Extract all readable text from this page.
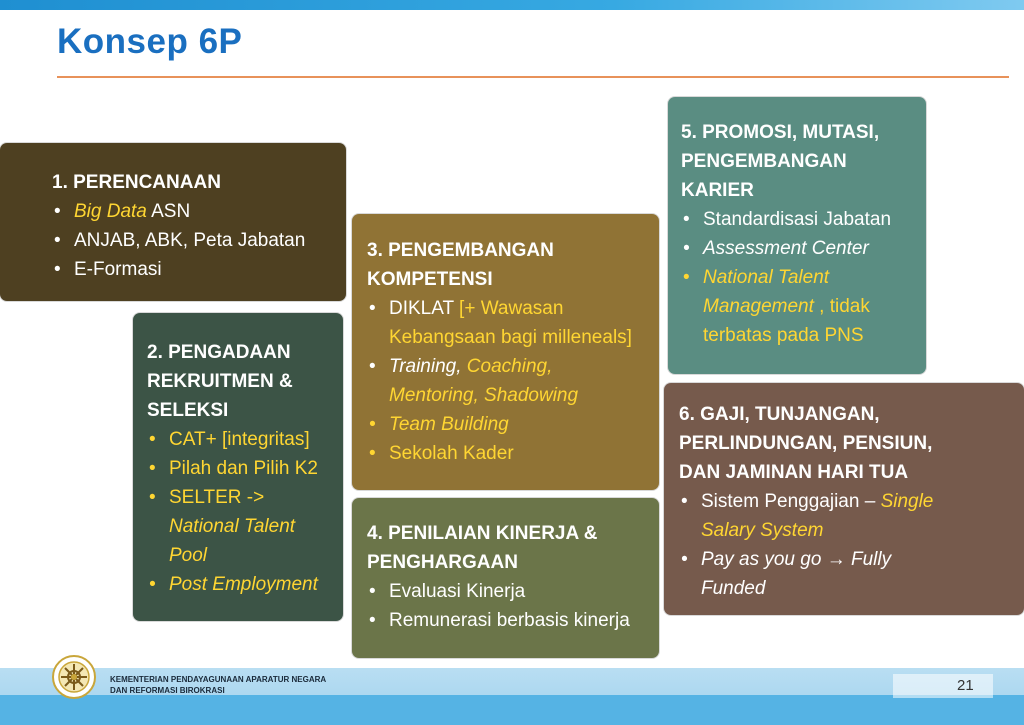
Konsep 6P
1. PERENCANAAN
• Big Data ASN
• ANJAB, ABK, Peta Jabatan
• E-Formasi
2. PENGADAAN
REKRUITMEN &
SELEKSI
• CAT+ [integritas]
• Pilah dan Pilih K2
• SELTER ->
National Talent
Pool
• Post Employment
3. PENGEMBANGAN
KOMPETENSI
• DIKLAT [+ Wawasan
Kebangsaan bagi milleneals]
• Training, Coaching,
Mentoring, Shadowing
• Team Building
• Sekolah Kader
4. PENILAIAN KINERJA &
PENGHARGAAN
• Evaluasi Kinerja
• Remunerasi berbasis kinerja
5. PROMOSI, MUTASI,
PENGEMBANGAN
KARIER
• Standardisasi Jabatan
• Assessment Center
• National Talent
Management , tidak
terbatas pada PNS
6. GAJI, TUNJANGAN,
PERLINDUNGAN, PENSIUN,
DAN JAMINAN HARI TUA
• Sistem Penggajian – Single
Salary System
• Pay as you go → Fully
Funded
KEMENTERIAN PENDAYAGUNAAN APARATUR NEGARA
DAN REFORMASI BIROKRASI	21
